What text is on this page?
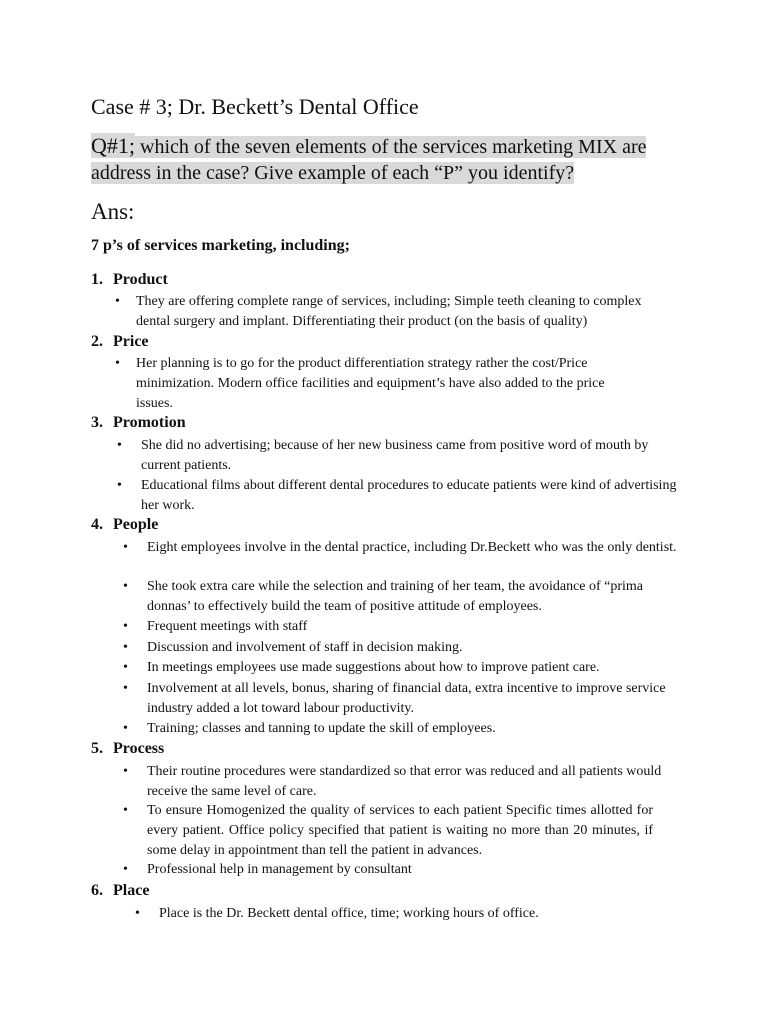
Case # 3; Dr. Beckett’s Dental Office
Q#1; which of the seven elements of the services marketing MIX are address in the case? Give example of each “P” you identify?
Ans:
7 p’s of services marketing, including;
1. Product
•	They are offering complete range of services, including; Simple teeth cleaning to complex dental surgery and implant. Differentiating their product (on the basis of quality)
2. Price
•	Her planning is to go for the product differentiation strategy rather the cost/Price minimization. Modern office facilities and equipment’s have also added to the price issues.
3. Promotion
•	She did no advertising; because of her new business came from positive word of mouth by current patients.
•	Educational films about different dental procedures to educate patients were kind of advertising her work.
4. People
•	Eight employees involve in the dental practice, including Dr.Beckett who was the only dentist.
•	She took extra care while the selection and training of her team, the avoidance of “prima donnas’ to effectively build the team of positive attitude of employees.
•	Frequent meetings with staff
•	Discussion and involvement of staff in decision making.
•	In meetings employees use made suggestions about how to improve patient care.
•	Involvement at all levels, bonus, sharing of financial data, extra incentive to improve service industry added a lot toward labour productivity.
•	Training; classes and tanning to update the skill of employees.
5. Process
•	Their routine procedures were standardized so that error was reduced and all patients would receive the same level of care.
•	To ensure Homogenized the quality of services to each patient Specific times allotted for every patient. Office policy specified that patient is waiting no more than 20 minutes, if some delay in appointment than tell the patient in advances.
•	Professional help in management by consultant
6. Place
•	Place is the Dr. Beckett dental office, time; working hours of office.
